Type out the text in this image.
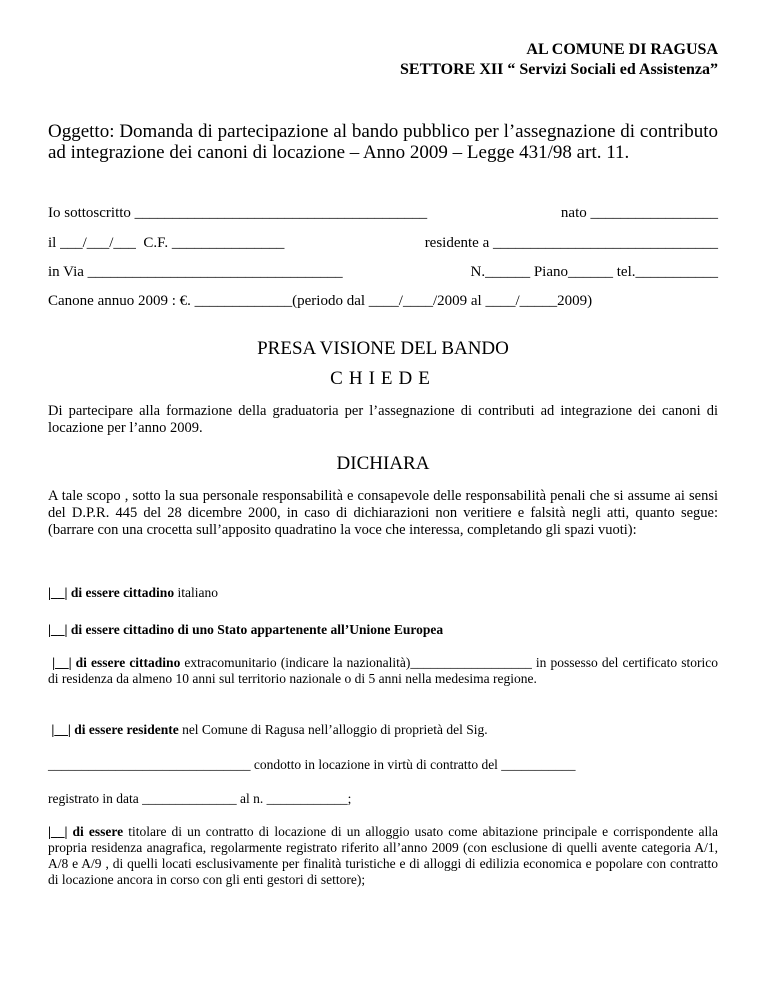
AL COMUNE DI RAGUSA
SETTORE XII “ Servizi Sociali ed Assistenza”
Oggetto: Domanda di partecipazione al bando pubblico per l’assegnazione di contributo ad integrazione dei canoni di locazione – Anno 2009 – Legge 431/98 art. 11.
Io sottoscritto _______________________________________	nato _________________
il ___/___/___  C.F. _______________	residente a ______________________________
in Via __________________________________	N.______ Piano______ tel.___________
Canone annuo 2009 : €. _____________(periodo dal ____/____/2009 al ____/_____2009)
PRESA VISIONE DEL BANDO
CHIEDE
Di partecipare alla formazione della graduatoria per l’assegnazione di contributi ad integrazione dei canoni di locazione per l’anno 2009.
DICHIARA
A tale scopo , sotto la sua personale responsabilità e consapevole delle responsabilità penali che si assume ai sensi del D.P.R. 445 del 28 dicembre 2000, in caso di dichiarazioni non veritiere e falsità negli atti, quanto segue: (barrare con una crocetta sull’apposito quadratino la voce che interessa, completando gli spazi vuoti):
|__| di essere cittadino italiano
|__| di essere cittadino di uno Stato appartenente all’Unione Europea
|__| di essere cittadino extracomunitario (indicare la nazionalità)__________________ in possesso del certificato storico di residenza da almeno 10 anni sul territorio nazionale o di 5 anni nella medesima regione.
|__| di essere residente nel Comune di Ragusa nell’alloggio di proprietà del Sig.
______________________________ condotto in locazione in virtù di contratto del ___________
registrato in data ______________ al n. ____________;
|__| di essere titolare di un contratto di locazione di un alloggio usato come abitazione principale e corrispondente alla propria residenza anagrafica, regolarmente registrato riferito all’anno 2009 (con esclusione di quelli avente categoria A/1, A/8 e A/9 , di quelli locati esclusivamente per finalità turistiche e di alloggi di edilizia economica e popolare con contratto di locazione ancora in corso con gli enti gestori di settore);
